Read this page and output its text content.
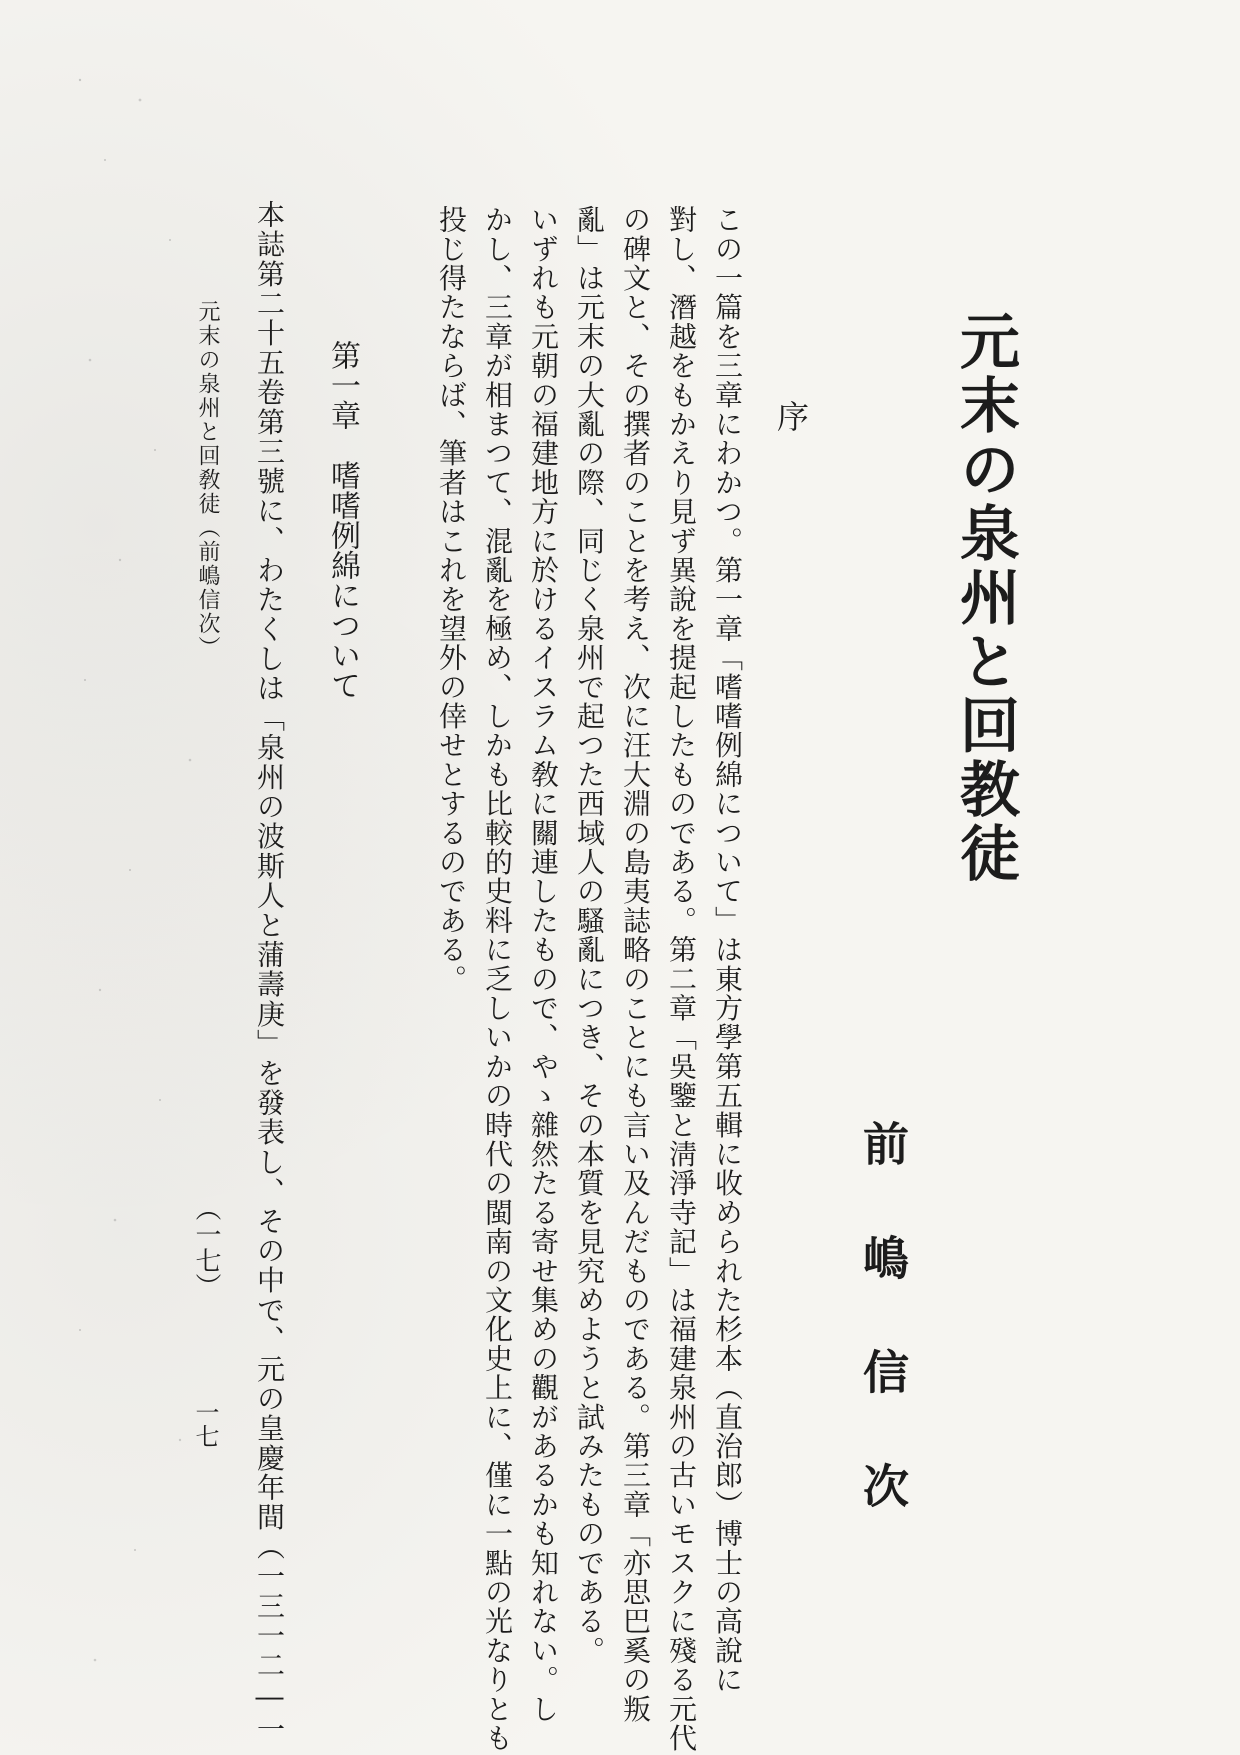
元末の泉州と回教徒
前嶋信次
序
この一篇を三章にわかつ。第一章「嗜嗜例綿について」は東方學第五輯に收められた杉本（直治郎）博士の高說に
對し、潛越をもかえり見ず異說を提起したものである。第二章「吳鑒と淸淨寺記」は福建泉州の古いモスクに殘る元代
の碑文と、その撰者のことを考え、次に汪大淵の島夷誌略のことにも言い及んだものである。第三章「亦思巴奚の叛
亂」は元末の大亂の際、同じく泉州で起つた西域人の騷亂につき、その本質を見究めようと試みたものである。
いずれも元朝の福建地方に於けるイスラム敎に關連したもので、やゝ雜然たる寄せ集めの觀があるかも知れない。し
かし、三章が相まつて、混亂を極め、しかも比較的史料に乏しいかの時代の閩南の文化史上に、僅に一點の光なりとも
投じ得たならば、筆者はこれを望外の倖せとするのである。
第一章　嗜嗜例綿について
本誌第二十五卷第三號に、わたくしは「泉州の波斯人と蒲壽庚」を發表し、その中で、元の皇慶年間（一三一二―一
元末の泉州と回敎徒（前嶋信次）
（一七）
一七
